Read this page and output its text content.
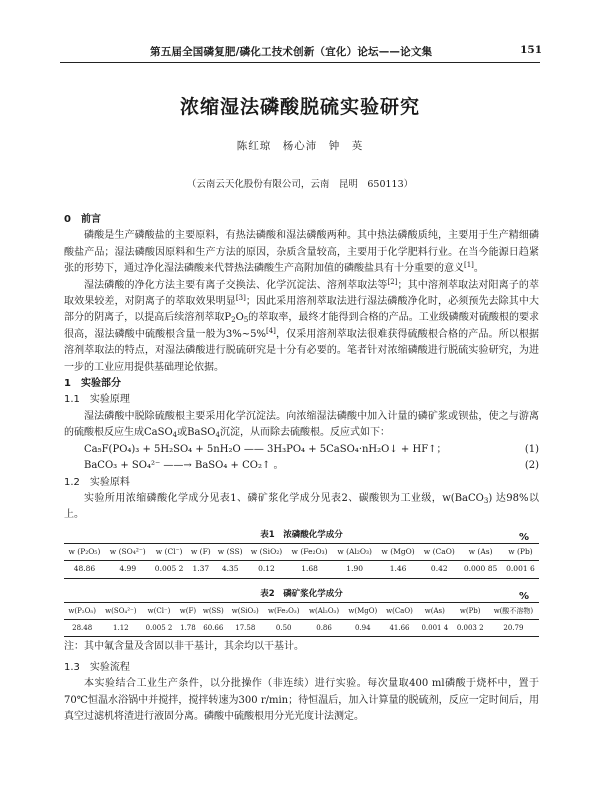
第五届全国磷复肥/磷化工技术创新（宜化）论坛——论文集	151
浓缩湿法磷酸脱硫实验研究
陈红琼　杨心沛　钟　英
（云南云天化股份有限公司，云南　昆明　650113）

0　前言

磷酸是生产磷酸盐的主要原料，有热法磷酸和湿法磷酸两种。其中热法磷酸质纯，主要用于生产精细磷酸盐产品；湿法磷酸因原料和生产方法的原因，杂质含量较高，主要用于化学肥料行业。在当今能源日趋紧张的形势下，通过净化湿法磷酸来代替热法磷酸生产高附加值的磷酸盐具有十分重要的意义[1]。

湿法磷酸的净化方法主要有离子交换法、化学沉淀法、溶剂萃取法等[2]；其中溶剂萃取法对阳离子的萃取效果较差，对阴离子的萃取效果明显[3]；因此采用溶剂萃取法进行湿法磷酸净化时，必须预先去除其中大部分的阴离子，以提高后续溶剂萃取$P_2O_5$的萃取率，最终才能得到合格的产品。工业级磷酸对硫酸根的要求很高，湿法磷酸中硫酸根含量一般为3%~5%[4]，仅采用溶剂萃取法很难获得硫酸根合格的产品。所以根据溶剂萃取法的特点，对湿法磷酸进行脱硫研究是十分有必要的。笔者针对浓缩磷酸进行脱硫实验研究，为进一步的工业应用提供基础理论依据。

1　实验部分

1.1　实验原理

湿法磷酸中脱除硫酸根主要采用化学沉淀法。向浓缩湿法磷酸中加入计量的磷矿浆或钡盐，使之与游离的硫酸根反应生成CaSO$_4$或BaSO$_4$沉淀，从而除去硫酸根。反应式如下：

Ca₅F(PO₄)₃ + 5H₂SO₄ + 5nH₂O —— 3H₃PO₄ + 5CaSO₄·nH₂O↓ + HF↑；	(1)

BaCO₃ + SO₄²⁻ ——→ BaSO₄ + CO₂↑ 。	(2)

1.2　实验原料

实验所用浓缩磷酸化学成分见表1、磷矿浆化学成分见表2、碳酸钡为工业级，w(BaCO$_3$) 达98%以上。

表1　浓磷酸化学成分	%
w (P₂O₅)	w (SO₄²⁻)	w (Cl⁻)	w (F)	w (SS)	w (SiO₂)	w (Fe₂O₃)	w (Al₂O₃)	w (MgO)	w (CaO)	w (As)	w (Pb)
48.86	4.99	0.005 2	1.37	4.35	0.12	1.68	1.90	1.46	0.42	0.000 85	0.001 6
表2　磷矿浆化学成分	%
w(P₂O₅)	w(SO₄²⁻)	w(Cl⁻)	w(F)	w(SS)	w(SiO₂)	w(Fe₂O₃)	w(Al₂O₃)	w(MgO)	w(CaO)	w(As)	w(Pb)	w(酸不溶物)
28.48	1.12	0.005 2	1.78	60.66	17.58	0.50	0.86	0.94	41.66	0.001 4	0.003 2	20.79

注：其中氟含量及含固以非干基计，其余均以干基计。

1.3　实验流程

本实验结合工业生产条件，以分批操作（非连续）进行实验。每次量取400 ml磷酸于烧杯中，置于70℃恒温水浴锅中并搅拌，搅拌转速为300 r/min；待恒温后，加入计算量的脱硫剂，反应一定时间后，用真空过滤机将渣进行液固分离。磷酸中硫酸根用分光光度计法测定。
